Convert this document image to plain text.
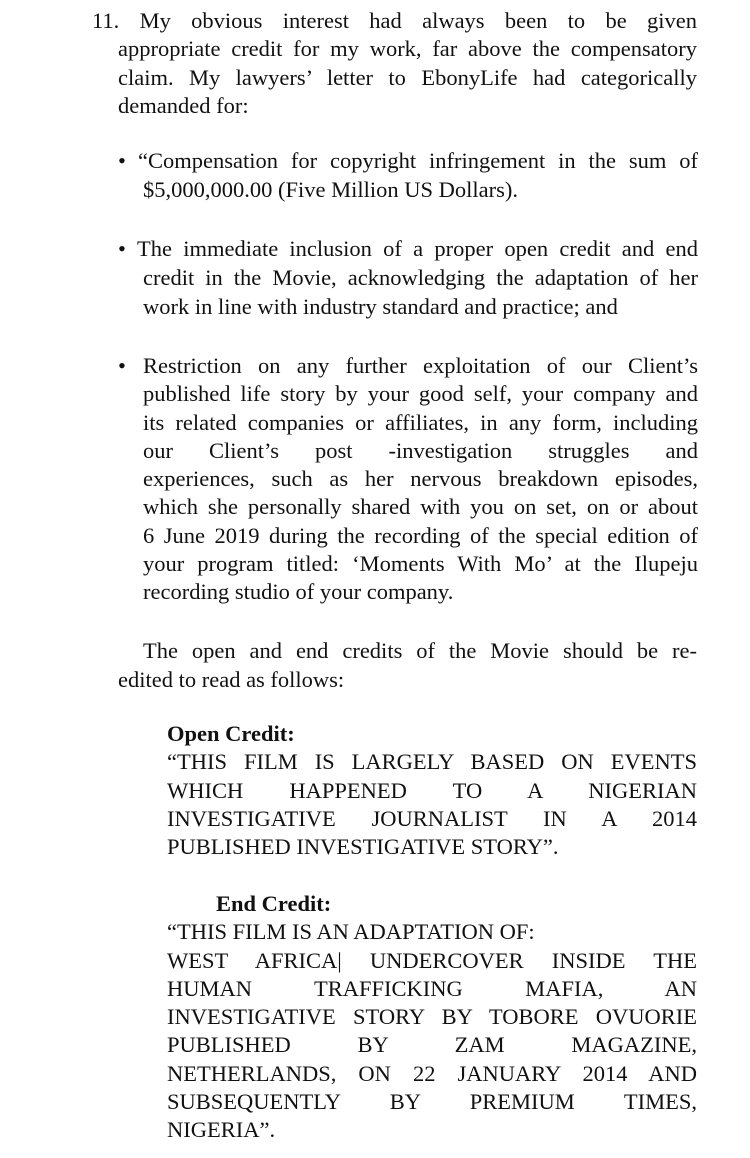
11. My obvious interest had always been to be given
appropriate credit for my work, far above the compensatory
claim. My lawyers’ letter to EbonyLife had categorically
demanded for:
• “Compensation for copyright infringement in the sum of
$5,000,000.00 (Five Million US Dollars).
• The immediate inclusion of a proper open credit and end
credit in the Movie, acknowledging the adaptation of her
work in line with industry standard and practice; and
• Restriction on any further exploitation of our Client’s
published life story by your good self, your company and
its related companies or affiliates, in any form, including
our Client’s post -investigation struggles and
experiences, such as her nervous breakdown episodes,
which she personally shared with you on set, on or about
6 June 2019 during the recording of the special edition of
your program titled: ‘Moments With Mo’ at the Ilupeju
recording studio of your company.
The open and end credits of the Movie should be re-
edited to read as follows:
Open Credit:
“THIS FILM IS LARGELY BASED ON EVENTS
WHICH HAPPENED TO A NIGERIAN
INVESTIGATIVE JOURNALIST IN A 2014
PUBLISHED INVESTIGATIVE STORY”.
End Credit:
“THIS FILM IS AN ADAPTATION OF:
WEST AFRICA| UNDERCOVER INSIDE THE
HUMAN TRAFFICKING MAFIA, AN
INVESTIGATIVE STORY BY TOBORE OVUORIE
PUBLISHED BY ZAM MAGAZINE,
NETHERLANDS, ON 22 JANUARY 2014 AND
SUBSEQUENTLY BY PREMIUM TIMES,
NIGERIA”.
